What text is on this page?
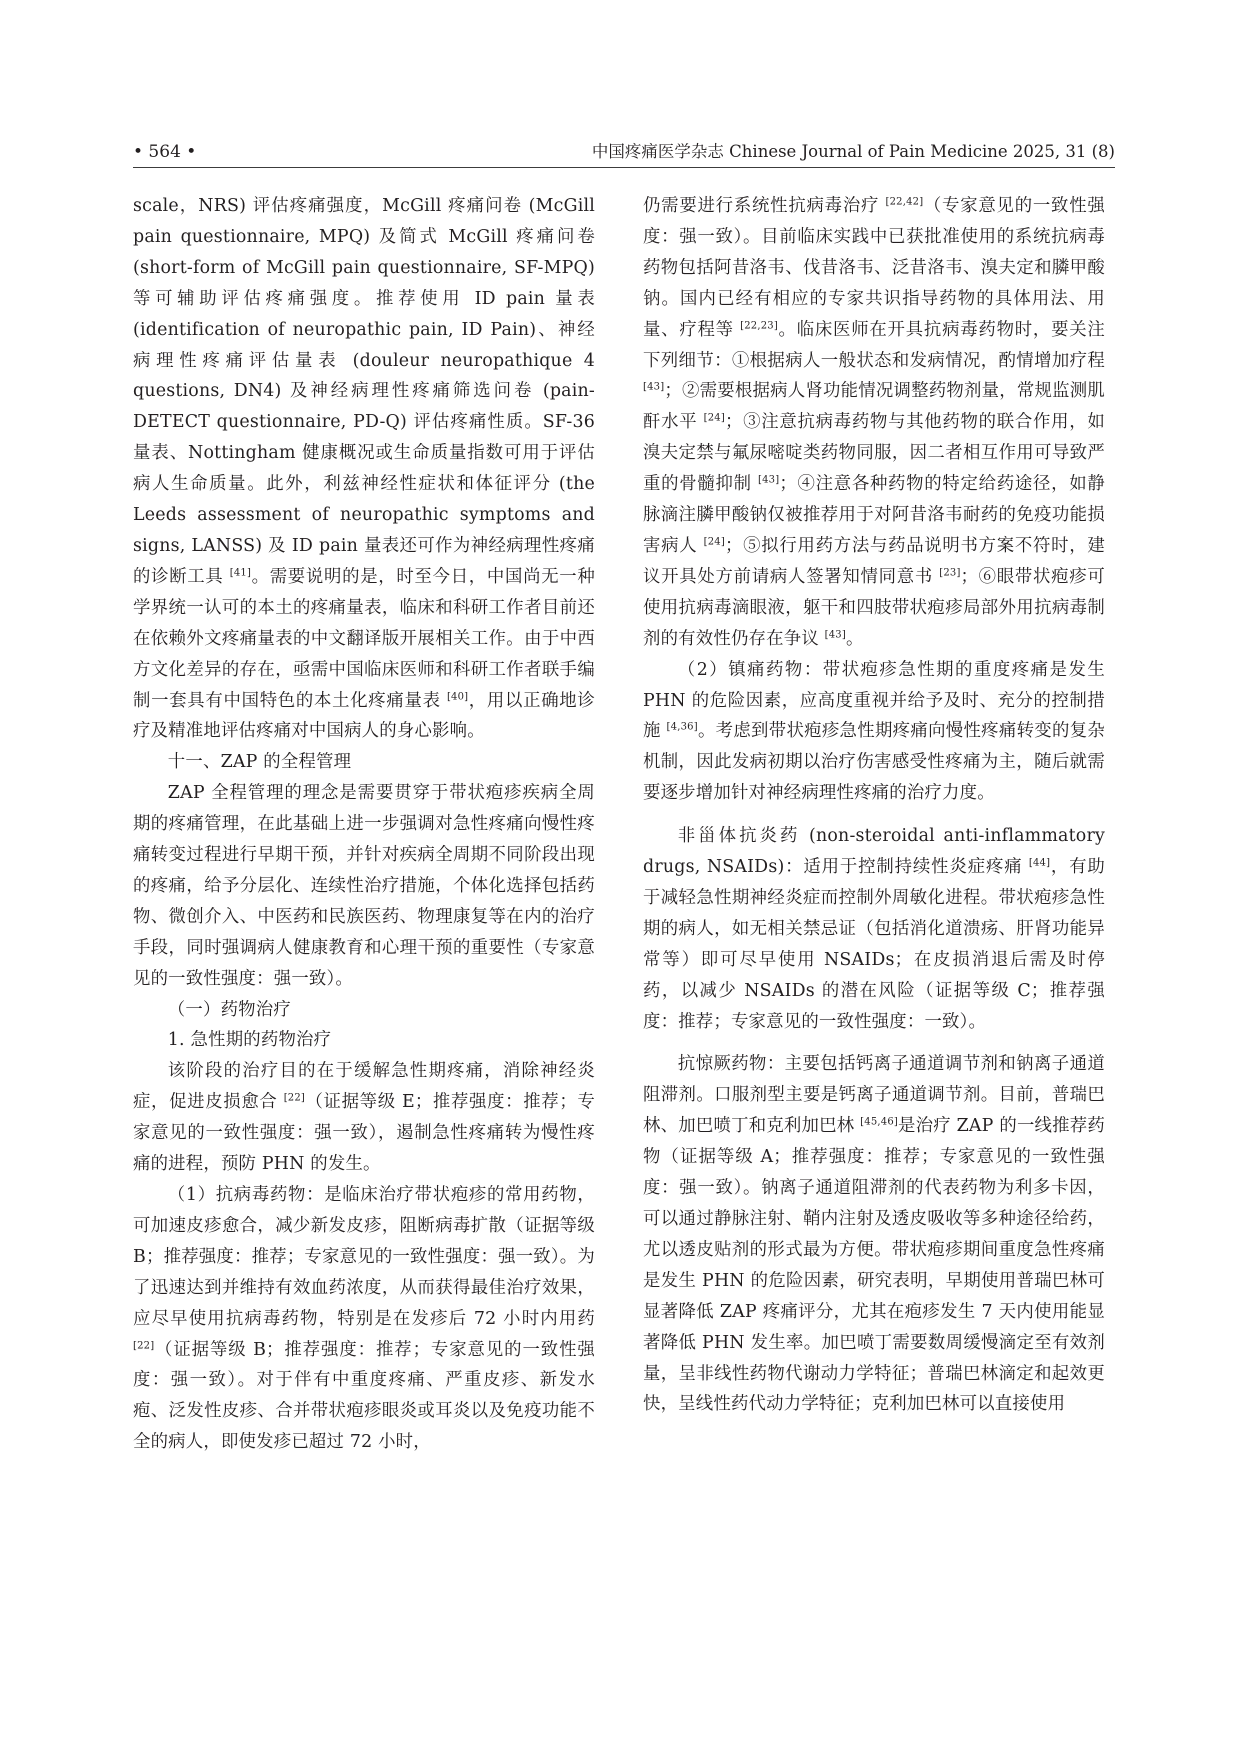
• 564 •	中国疼痛医学杂志 Chinese Journal of Pain Medicine 2025, 31 (8)

scale，NRS) 评估疼痛强度，McGill 疼痛问卷 (McGill pain questionnaire, MPQ) 及简式 McGill 疼痛问卷 (short-form of McGill pain questionnaire, SF-MPQ) 等可辅助评估疼痛强度。推荐使用 ID pain 量表 (identification of neuropathic pain, ID Pain)、神经病理性疼痛评估量表 (douleur neuropathique 4 questions, DN4) 及神经病理性疼痛筛选问卷 (pain-DETECT questionnaire, PD-Q) 评估疼痛性质。SF-36 量表、Nottingham 健康概况或生命质量指数可用于评估病人生命质量。此外，利兹神经性症状和体征评分 (the Leeds assessment of neuropathic symptoms and signs, LANSS) 及 ID pain 量表还可作为神经病理性疼痛的诊断工具 [41]。需要说明的是，时至今日，中国尚无一种学界统一认可的本土的疼痛量表，临床和科研工作者目前还在依赖外文疼痛量表的中文翻译版开展相关工作。由于中西方文化差异的存在，亟需中国临床医师和科研工作者联手编制一套具有中国特色的本土化疼痛量表 [40]，用以正确地诊疗及精准地评估疼痛对中国病人的身心影响。

十一、ZAP 的全程管理

ZAP 全程管理的理念是需要贯穿于带状疱疹疾病全周期的疼痛管理，在此基础上进一步强调对急性疼痛向慢性疼痛转变过程进行早期干预，并针对疾病全周期不同阶段出现的疼痛，给予分层化、连续性治疗措施，个体化选择包括药物、微创介入、中医药和民族医药、物理康复等在内的治疗手段，同时强调病人健康教育和心理干预的重要性（专家意见的一致性强度：强一致）。

（一）药物治疗

1. 急性期的药物治疗

该阶段的治疗目的在于缓解急性期疼痛，消除神经炎症，促进皮损愈合 [22]（证据等级 E；推荐强度：推荐；专家意见的一致性强度：强一致），遏制急性疼痛转为慢性疼痛的进程，预防 PHN 的发生。

（1）抗病毒药物：是临床治疗带状疱疹的常用药物，可加速皮疹愈合，减少新发皮疹，阻断病毒扩散（证据等级 B；推荐强度：推荐；专家意见的一致性强度：强一致）。为了迅速达到并维持有效血药浓度，从而获得最佳治疗效果，应尽早使用抗病毒药物，特别是在发疹后 72 小时内用药 [22]（证据等级 B；推荐强度：推荐；专家意见的一致性强度：强一致）。对于伴有中重度疼痛、严重皮疹、新发水疱、泛发性皮疹、合并带状疱疹眼炎或耳炎以及免疫功能不全的病人，即使发疹已超过 72 小时，

仍需要进行系统性抗病毒治疗 [22,42]（专家意见的一致性强度：强一致）。目前临床实践中已获批准使用的系统抗病毒药物包括阿昔洛韦、伐昔洛韦、泛昔洛韦、溴夫定和膦甲酸钠。国内已经有相应的专家共识指导药物的具体用法、用量、疗程等 [22,23]。临床医师在开具抗病毒药物时，要关注下列细节：①根据病人一般状态和发病情况，酌情增加疗程 [43]；②需要根据病人肾功能情况调整药物剂量，常规监测肌酐水平 [24]；③注意抗病毒药物与其他药物的联合作用，如溴夫定禁与氟尿嘧啶类药物同服，因二者相互作用可导致严重的骨髓抑制 [43]；④注意各种药物的特定给药途径，如静脉滴注膦甲酸钠仅被推荐用于对阿昔洛韦耐药的免疫功能损害病人 [24]；⑤拟行用药方法与药品说明书方案不符时，建议开具处方前请病人签署知情同意书 [23]；⑥眼带状疱疹可使用抗病毒滴眼液，躯干和四肢带状疱疹局部外用抗病毒制剂的有效性仍存在争议 [43]。

（2）镇痛药物：带状疱疹急性期的重度疼痛是发生 PHN 的危险因素，应高度重视并给予及时、充分的控制措施 [4,36]。考虑到带状疱疹急性期疼痛向慢性疼痛转变的复杂机制，因此发病初期以治疗伤害感受性疼痛为主，随后就需要逐步增加针对神经病理性疼痛的治疗力度。

非甾体抗炎药 (non-steroidal anti-inflammatory drugs, NSAIDs)：适用于控制持续性炎症疼痛 [44]，有助于减轻急性期神经炎症而控制外周敏化进程。带状疱疹急性期的病人，如无相关禁忌证（包括消化道溃疡、肝肾功能异常等）即可尽早使用 NSAIDs；在皮损消退后需及时停药，以减少 NSAIDs 的潜在风险（证据等级 C；推荐强度：推荐；专家意见的一致性强度：一致）。

抗惊厥药物：主要包括钙离子通道调节剂和钠离子通道阻滞剂。口服剂型主要是钙离子通道调节剂。目前，普瑞巴林、加巴喷丁和克利加巴林 [45,46]是治疗 ZAP 的一线推荐药物（证据等级 A；推荐强度：推荐；专家意见的一致性强度：强一致）。钠离子通道阻滞剂的代表药物为利多卡因，可以通过静脉注射、鞘内注射及透皮吸收等多种途径给药，尤以透皮贴剂的形式最为方便。带状疱疹期间重度急性疼痛是发生 PHN 的危险因素，研究表明，早期使用普瑞巴林可显著降低 ZAP 疼痛评分，尤其在疱疹发生 7 天内使用能显著降低 PHN 发生率。加巴喷丁需要数周缓慢滴定至有效剂量，呈非线性药物代谢动力学特征；普瑞巴林滴定和起效更快，呈线性药代动力学特征；克利加巴林可以直接使用
